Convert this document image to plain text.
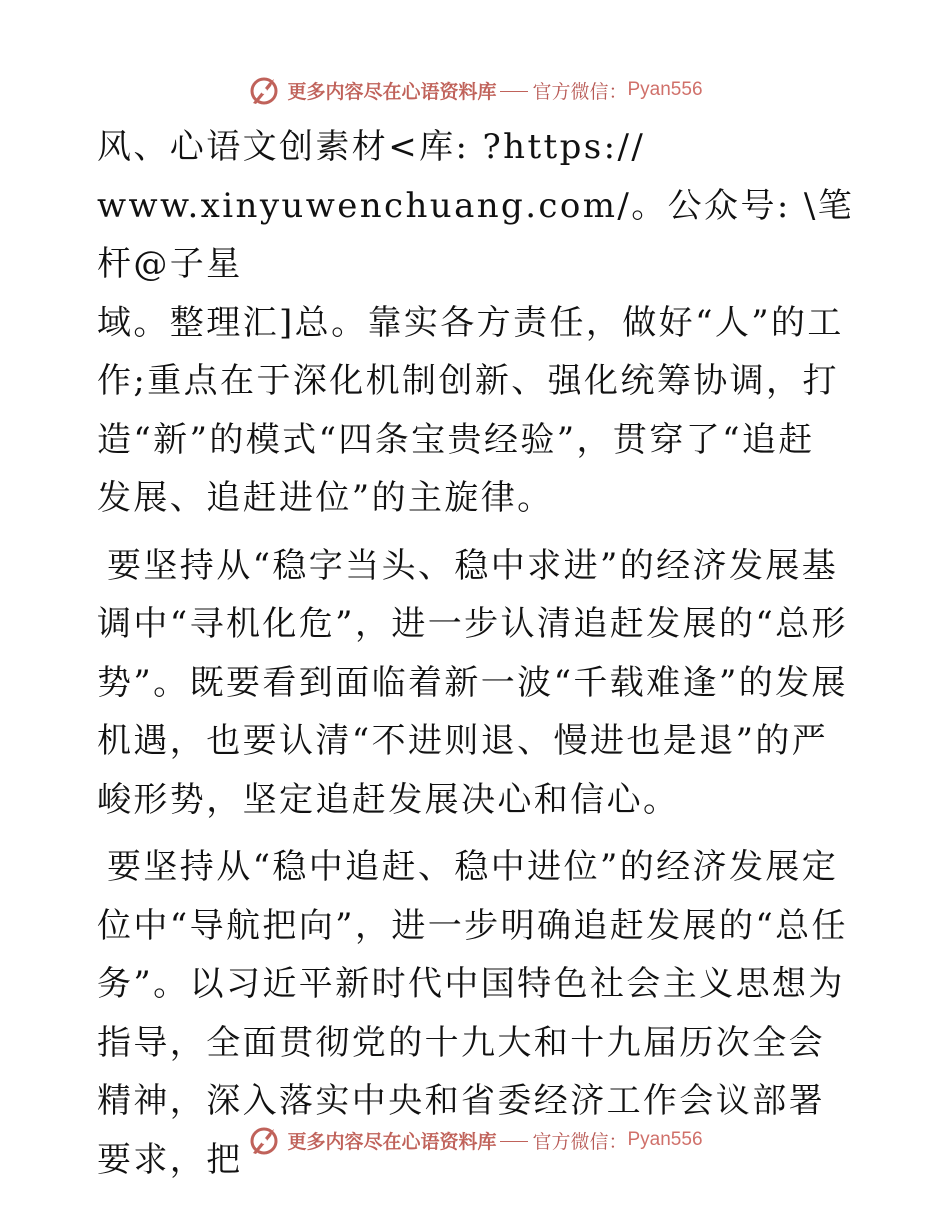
更多内容尽在心语资料库 官方微信： Pyan556

风、心语文创素材<库: ?https://

www.xinyuwenchuang.com/。公众号: \笔杆@子星

域。整理汇]总。靠实各方责任，做好“人”的工

作;重点在于深化机制创新、强化统筹协调，打

造“新”的模式“四条宝贵经验”，贯穿了“追赶

发展、追赶进位”的主旋律。

要坚持从“稳字当头、稳中求进”的经济发展基调中“寻机化危”，进一步认清追赶发展的“总形势”。既要看到面临着新一波“千载难逢”的发展机遇，也要认清“不进则退、慢进也是退”的严峻形势，坚定追赶发展决心和信心。

要坚持从“稳中追赶、稳中进位”的经济发展定位中“导航把向”，进一步明确追赶发展的“总任务”。以习近平新时代中国特色社会主义思想为指导，全面贯彻党的十九大和十九届历次全会精神，深入落实中央和省委经济工作会议部署要求，把	更多内容尽在心语资料库 官方微信： Pyan556
